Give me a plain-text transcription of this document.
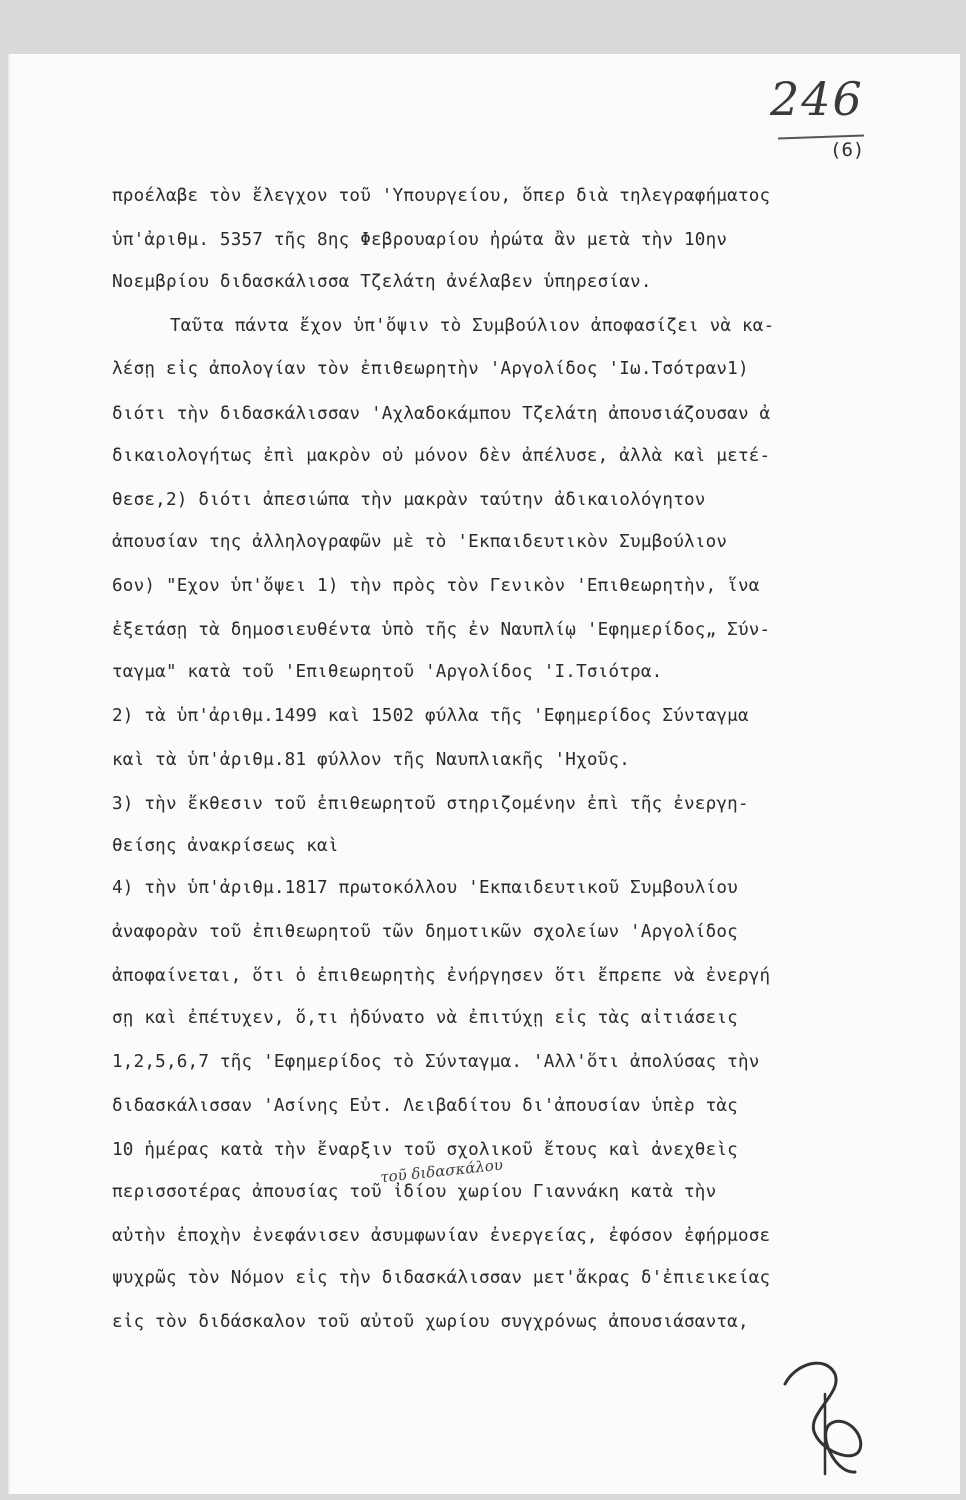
246
(6)
προέλαβε τὸν ἔλεγχον τοῦ 'Υπουργείου, ὅπερ διὰ τηλεγραφήματος
ὑπ'ἀριθμ. 5357 τῆς 8ης Φεβρουαρίου ἠρώτα ἂν μετὰ τὴν 10ην
Νοεμβρίου διδασκάλισσα Τζελάτη ἀνέλαβεν ὑπηρεσίαν.
Ταῦτα πάντα ἔχον ὑπ'ὄψιν τὸ Συμβούλιον ἀποφασίζει νὰ κα-
λέσῃ εἰς ἀπολογίαν τὸν ἐπιθεωρητὴν 'Αργολίδος 'Ιω.Τσότραν1)
διότι τὴν διδασκάλισσαν 'Αχλαδοκάμπου Τζελάτη ἀπουσιάζουσαν ἀ
δικαιολογήτως ἐπὶ μακρὸν οὐ μόνον δὲν ἀπέλυσε, ἀλλὰ καὶ μετέ-
θεσε,2) διότι ἀπεσιώπα τὴν μακρὰν ταύτην ἀδικαιολόγητον
ἀπουσίαν της ἀλληλογραφῶν μὲ τὸ 'Εκπαιδευτικὸν Συμβούλιον
6ον) "Εχον ὑπ'ὄψει 1) τὴν πρὸς τὸν Γενικὸν 'Επιθεωρητὴν, ἵνα
ἐξετάσῃ τὰ δημοσιευθέντα ὑπὸ τῆς ἐν Ναυπλίῳ 'Εφημερίδος„ Σύν-
ταγμα" κατὰ τοῦ 'Επιθεωρητοῦ 'Αργολίδος 'Ι.Τσιότρα.
2) τὰ ὑπ'ἀριθμ.1499 καὶ 1502 φύλλα τῆς 'Εφημερίδος Σύνταγμα
καὶ τὰ ὑπ'ἀριθμ.81 φύλλον τῆς Ναυπλιακῆς 'Ηχοῦς.
3) τὴν ἔκθεσιν τοῦ ἐπιθεωρητοῦ στηριζομένην ἐπὶ τῆς ἐνεργη-
θείσης ἀνακρίσεως καὶ
4) τὴν ὑπ'ἀριθμ.1817 πρωτοκόλλου 'Εκπαιδευτικοῦ Συμβουλίου
ἀναφορὰν τοῦ ἐπιθεωρητοῦ τῶν δημοτικῶν σχολείων 'Αργολίδος
ἀποφαίνεται, ὅτι ὁ ἐπιθεωρητὴς ἐνήργησεν ὅτι ἔπρεπε νὰ ἐνεργή
σῃ καὶ ἐπέτυχεν, ὅ,τι ἠδύνατο νὰ ἐπιτύχῃ εἰς τὰς αἰτιάσεις
1,2,5,6,7 τῆς 'Εφημερίδος τὸ Σύνταγμα. 'Αλλ'ὅτι ἀπολύσας τὴν
διδασκάλισσαν 'Ασίνης Εὐτ. Λειβαδίτου δι'ἀπουσίαν ὑπὲρ τὰς
10 ἡμέρας κατὰ τὴν ἔναρξιν τοῦ σχολικοῦ ἔτους καὶ ἀνεχθεὶς
περισσοτέρας ἀπουσίας τοῦ ἰδίου χωρίου Γιαννάκη κατὰ τὴν
αὐτὴν ἐποχὴν ἐνεφάνισεν ἀσυμφωνίαν ἐνεργείας, ἐφόσον ἐφήρμοσε
ψυχρῶς τὸν Νόμον εἰς τὴν διδασκάλισσαν μετ'ἄκρας δ'ἐπιεικείας
εἰς τὸν διδάσκαλον τοῦ αὐτοῦ χωρίου συγχρόνως ἀπουσιάσαντα,
τοῦ διδασκάλου
